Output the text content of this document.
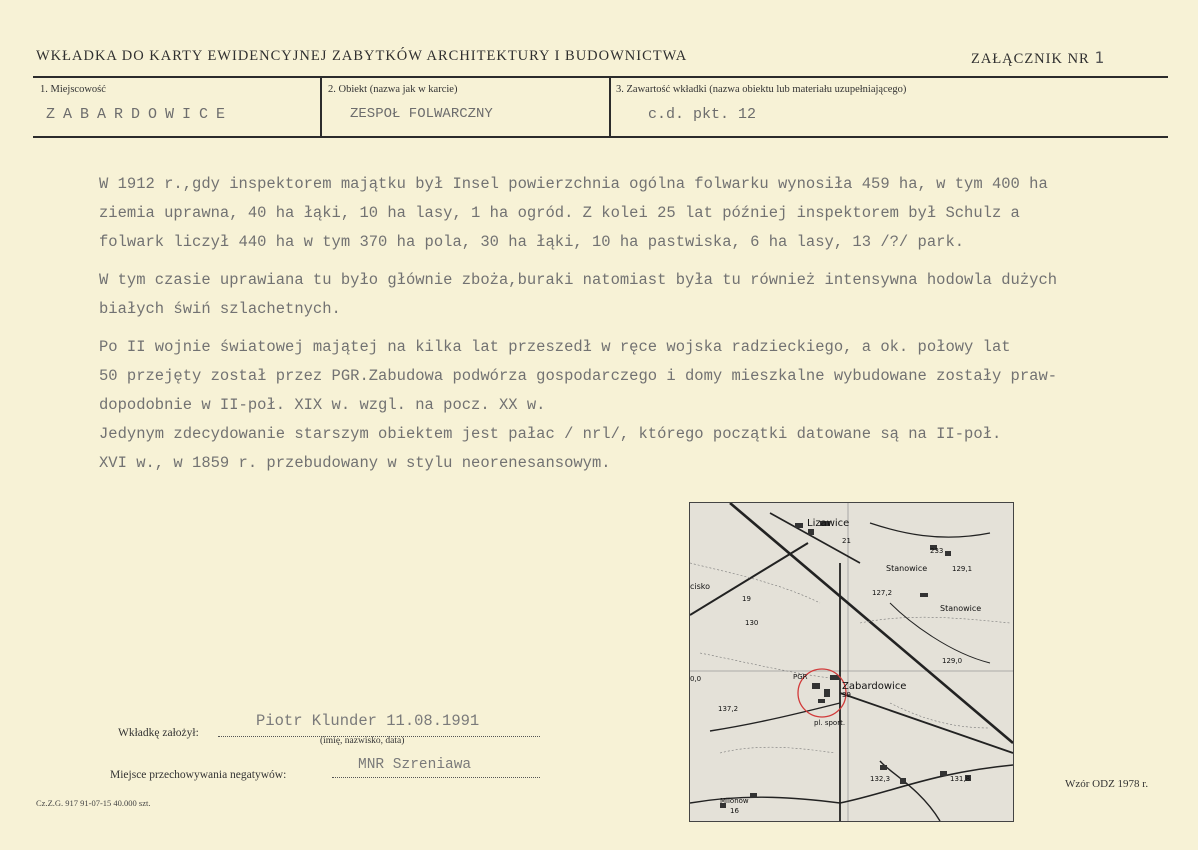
WKŁADKA DO KARTY EWIDENCYJNEJ ZABYTKÓW ARCHITEKTURY I BUDOWNICTWA	ZAŁĄCZNIK NR 1
1. Miejscowość
ZABARDOWICE
2. Obiekt (nazwa jak w karcie)
ZESPOŁ FOLWARCZNY
3. Zawartość wkładki (nazwa obiektu lub materiału uzupełniającego)
c.d. pkt. 12
W 1912 r.,gdy inspektorem majątku był Insel powierzchnia ogólna folwarku wynosiła 459 ha, w tym 400 ha
ziemia uprawna, 40 ha łąki, 10 ha lasy, 1 ha ogród. Z kolei 25 lat później inspektorem był Schulz a
folwark liczył 440 ha w tym 370 ha pola, 30 ha łąki, 10 ha pastwiska, 6 ha lasy, 13 /?/ park.
W tym czasie uprawiana tu było głównie zboża,buraki natomiast była tu również intensywna hodowla dużych
białych świń szlachetnych.
Po II wojnie światowej majątej na kilka lat przeszedł w ręce wojska radzieckiego, a ok. połowy lat
50 przejęty został przez PGR.Zabudowa podwórza gospodarczego i domy mieszkalne wybudowane zostały praw-
dopodobnie w II-poł. XIX w. wzgl. na pocz. XX w.
Jedynym zdecydowanie starszym obiektem jest pałac / nrl/, którego początki datowane są na II-poł.
XVI w., w 1859 r. przebudowany w stylu neorenesansowym.
Lizawice
21
233
Stanowice	129,1
cisko
19
127,2
Stanowice
130
129,0
0,0	PGR
Zabardowice
39
137,2
pl. sport.
132,3	131,8
Milonów
16
Wkładkę założył:
Piotr Klunder 11.08.1991
(imię, nazwisko, data)
Miejsce przechowywania negatywów:
MNR Szreniawa
Cz.Z.G. 917 91-07-15 40.000 szt.
Wzór ODZ 1978 r.
